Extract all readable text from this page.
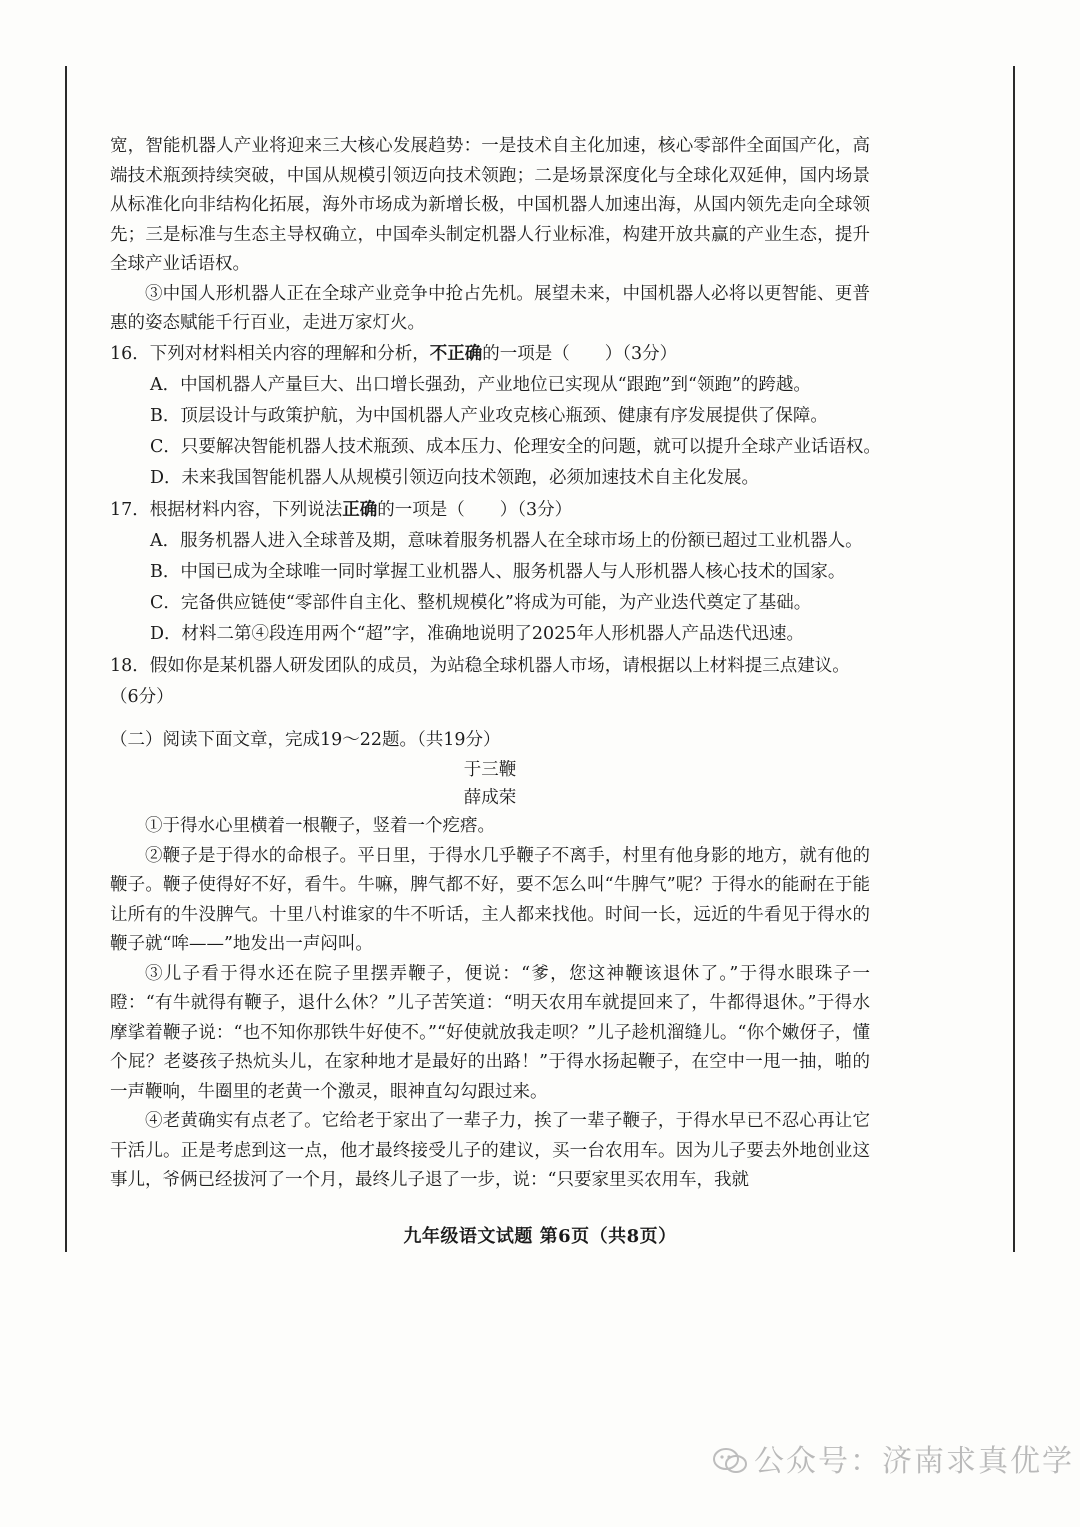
宽，智能机器人产业将迎来三大核心发展趋势：一是技术自主化加速，核心零部件全面国产化，高端技术瓶颈持续突破，中国从规模引领迈向技术领跑；二是场景深度化与全球化双延伸，国内场景从标准化向非结构化拓展，海外市场成为新增长极，中国机器人加速出海，从国内领先走向全球领先；三是标准与生态主导权确立，中国牵头制定机器人行业标准，构建开放共赢的产业生态，提升全球产业话语权。

③中国人形机器人正在全球产业竞争中抢占先机。展望未来，中国机器人必将以更智能、更普惠的姿态赋能千行百业，走进万家灯火。

16．下列对材料相关内容的理解和分析，不正确的一项是（　　）（3分）

A．中国机器人产量巨大、出口增长强劲，产业地位已实现从“跟跑”到“领跑”的跨越。

B．顶层设计与政策护航，为中国机器人产业攻克核心瓶颈、健康有序发展提供了保障。

C．只要解决智能机器人技术瓶颈、成本压力、伦理安全的问题，就可以提升全球产业话语权。

D．未来我国智能机器人从规模引领迈向技术领跑，必须加速技术自主化发展。

17．根据材料内容，下列说法正确的一项是（　　）（3分）

A．服务机器人进入全球普及期，意味着服务机器人在全球市场上的份额已超过工业机器人。

B．中国已成为全球唯一同时掌握工业机器人、服务机器人与人形机器人核心技术的国家。

C．完备供应链使“零部件自主化、整机规模化”将成为可能，为产业迭代奠定了基础。

D．材料二第④段连用两个“超”字，准确地说明了2025年人形机器人产品迭代迅速。

18．假如你是某机器人研发团队的成员，为站稳全球机器人市场，请根据以上材料提三点建议。

（6分）

（二）阅读下面文章，完成19～22题。（共19分）

于三鞭

薛成荣

①于得水心里横着一根鞭子，竖着一个疙瘩。

②鞭子是于得水的命根子。平日里，于得水几乎鞭子不离手，村里有他身影的地方，就有他的鞭子。鞭子使得好不好，看牛。牛嘛，脾气都不好，要不怎么叫“牛脾气”呢？于得水的能耐在于能让所有的牛没脾气。十里八村谁家的牛不听话，主人都来找他。时间一长，远近的牛看见于得水的鞭子就“哞——”地发出一声闷叫。

③儿子看于得水还在院子里摆弄鞭子，便说：“爹，您这神鞭该退休了。”于得水眼珠子一瞪：“有牛就得有鞭子，退什么休？”儿子苦笑道：“明天农用车就提回来了，牛都得退休。”于得水摩挲着鞭子说：“也不知你那铁牛好使不。”“好使就放我走呗？”儿子趁机溜缝儿。“你个嫩伢子，懂个屁？老婆孩子热炕头儿，在家种地才是最好的出路！”于得水扬起鞭子，在空中一甩一抽，啪的一声鞭响，牛圈里的老黄一个激灵，眼神直勾勾跟过来。

④老黄确实有点老了。它给老于家出了一辈子力，挨了一辈子鞭子，于得水早已不忍心再让它干活儿。正是考虑到这一点，他才最终接受儿子的建议，买一台农用车。因为儿子要去外地创业这事儿，爷俩已经拔河了一个月，最终儿子退了一步，说：“只要家里买农用车，我就

九年级语文试题 第6页（共8页）
公众号：济南求真优学
